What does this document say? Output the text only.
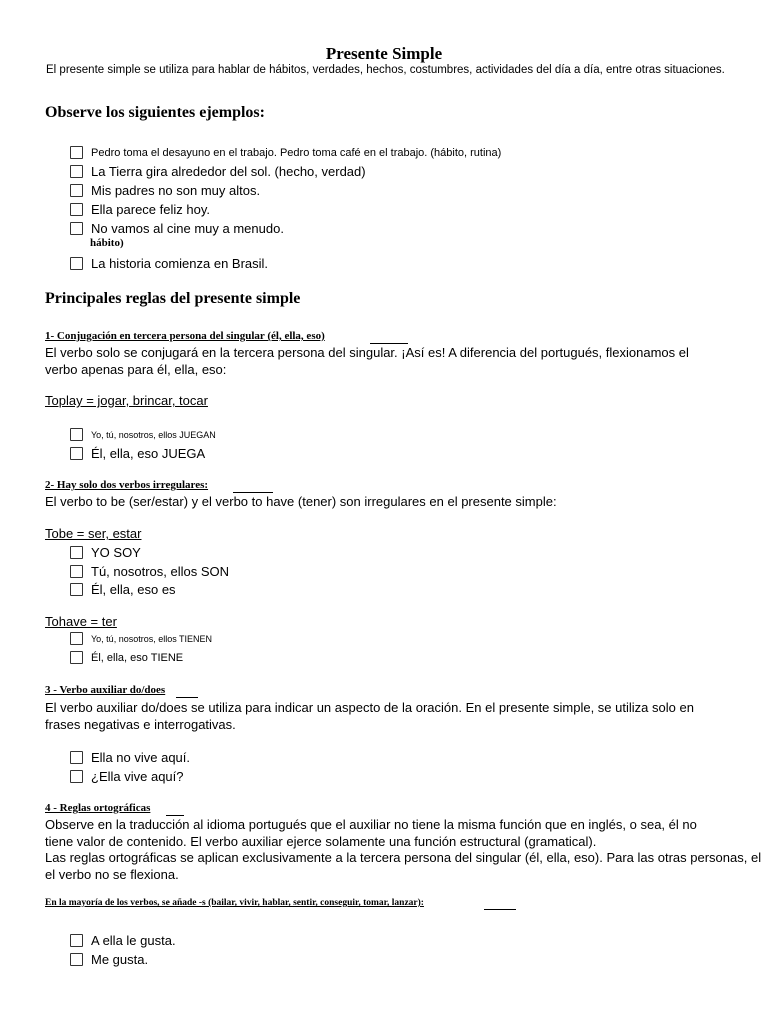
Presente Simple
El presente simple se utiliza para hablar de hábitos, verdades, hechos, costumbres, actividades del día a día, entre otras situaciones.
Observe los siguientes ejemplos:
Pedro toma el desayuno en el trabajo. Pedro toma café en el trabajo. (hábito, rutina)
La Tierra gira alrededor del sol. (hecho, verdad)
Mis padres no son muy altos.
Ella parece feliz hoy.
No vamos al cine muy a menudo.
hábito)
La historia comienza en Brasil.
Principales reglas del presente simple
1- Conjugación en tercera persona del singular (él, ella, eso)
El verbo solo se conjugará en la tercera persona del singular. ¡Así es! A diferencia del portugués, flexionamos el
verbo apenas para él, ella, eso:
Toplay = jogar, brincar, tocar
Yo, tú, nosotros, ellos JUEGAN
Él, ella, eso JUEGA
2- Hay solo dos verbos irregulares:
El verbo to be (ser/estar) y el verbo to have (tener) son irregulares en el presente simple:
Tobe = ser, estar
YO SOY
Tú, nosotros, ellos SON
Él, ella, eso es
Tohave = ter
Yo, tú, nosotros, ellos TIENEN
Él, ella, eso TIENE
3 - Verbo auxiliar do/does
El verbo auxiliar do/does se utiliza para indicar un aspecto de la oración. En el presente simple, se utiliza solo en
frases negativas e interrogativas.
Ella no vive aquí.
¿Ella vive aquí?
4 - Reglas ortográficas
Observe en la traducción al idioma portugués que el auxiliar no tiene la misma función que en inglés, o sea, él no
tiene valor de contenido. El verbo auxiliar ejerce solamente una función estructural (gramatical).
Las reglas ortográficas se aplican exclusivamente a la tercera persona del singular (él, ella, eso). Para las otras personas, el
el verbo no se flexiona.
En la mayoría de los verbos, se añade -s (bailar, vivir, hablar, sentir, conseguir, tomar, lanzar):
A ella le gusta.
Me gusta.
